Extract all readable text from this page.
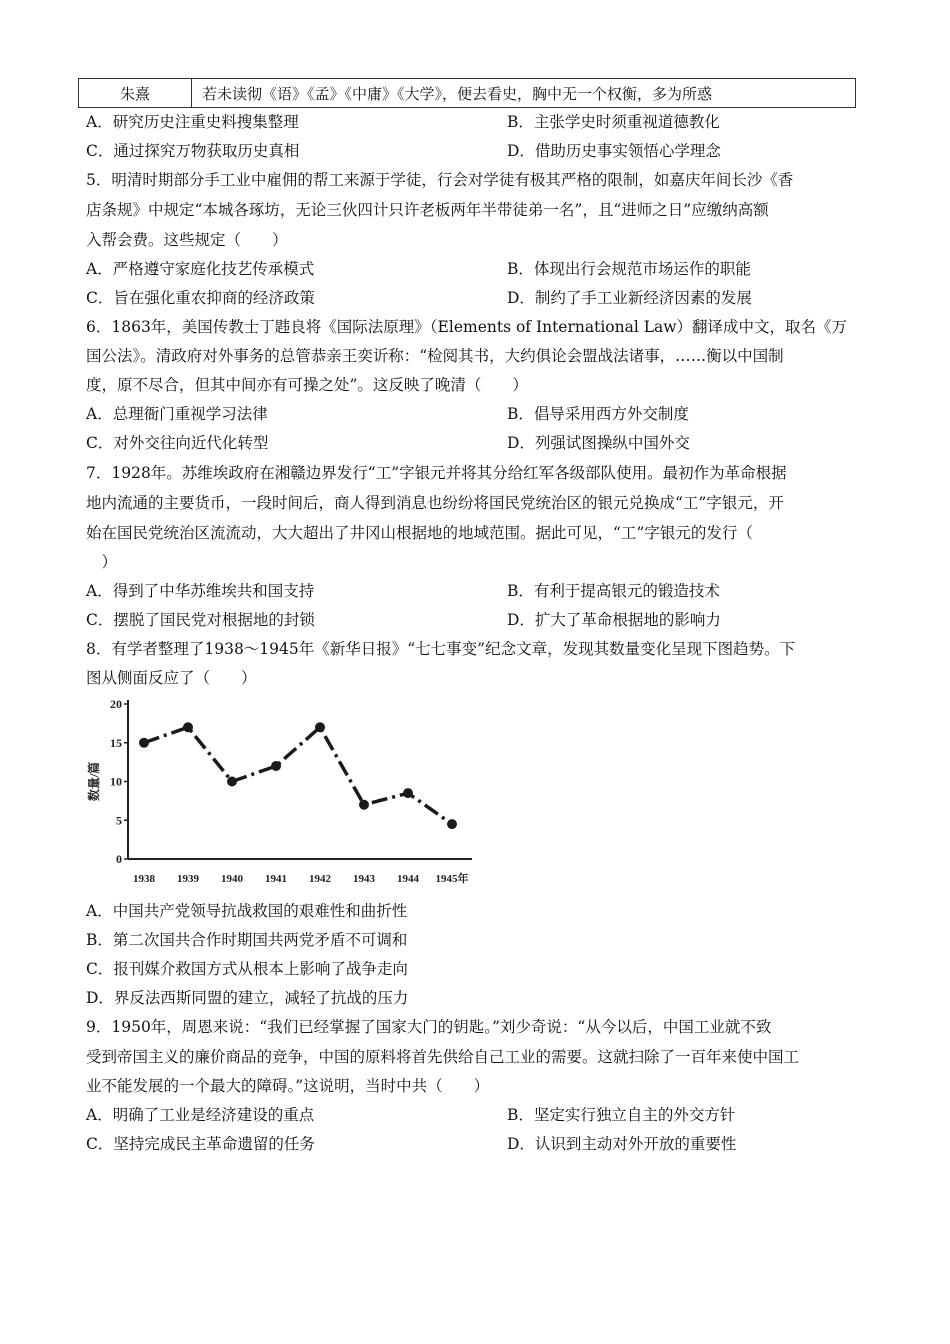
朱熹	若未读彻《语》《孟》《中庸》《大学》，便去看史，胸中无一个权衡，多为所惑
A．研究历史注重史料搜集整理	B．主张学史时须重视道德教化
C．通过探究万物获取历史真相	D．借助历史事实领悟心学理念
5．明清时期部分手工业中雇佣的帮工来源于学徒，行会对学徒有极其严格的限制，如嘉庆年间长沙《香
店条规》中规定“本城各琢坊，无论三伙四计只许老板两年半带徒弟一名”，且“进师之日”应缴纳高额
入帮会费。这些规定（　　）
A．严格遵守家庭化技艺传承模式	B．体现出行会规范市场运作的职能
C．旨在强化重农抑商的经济政策	D．制约了手工业新经济因素的发展
6．1863年，美国传教士丁韪良将《国际法原理》（Elements of International Law）翻译成中文，取名《万
国公法》。清政府对外事务的总管恭亲王奕䜣称：“检阅其书，大约俱论会盟战法诸事，……衡以中国制
度，原不尽合，但其中间亦有可操之处”。这反映了晚清（　　）
A．总理衙门重视学习法律	B．倡导采用西方外交制度
C．对外交往向近代化转型	D．列强试图操纵中国外交
7．1928年。苏维埃政府在湘赣边界发行“工”字银元并将其分给红军各级部队使用。最初作为革命根据
地内流通的主要货币，一段时间后，商人得到消息也纷纷将国民党统治区的银元兑换成“工”字银元，开
始在国民党统治区流流动，大大超出了井冈山根据地的地域范围。据此可见，“工”字银元的发行（
　）
A．得到了中华苏维埃共和国支持	B．有利于提高银元的锻造技术
C．摆脱了国民党对根据地的封锁	D．扩大了革命根据地的影响力
8．有学者整理了1938～1945年《新华日报》“七七事变”纪念文章，发现其数量变化呈现下图趋势。下
图从侧面反应了（　　）
数量/篇
0
5
10
15
20
1938 1939 1940 1941 1942 1943 1944 1945年
A．中国共产党领导抗战救国的艰难性和曲折性
B．第二次国共合作时期国共两党矛盾不可调和
C．报刊媒介救国方式从根本上影响了战争走向
D．界反法西斯同盟的建立，减轻了抗战的压力
9．1950年，周恩来说：“我们已经掌握了国家大门的钥匙。”刘少奇说：“从今以后，中国工业就不致
受到帝国主义的廉价商品的竞争，中国的原料将首先供给自己工业的需要。这就扫除了一百年来使中国工
业不能发展的一个最大的障碍。”这说明，当时中共（　　）
A．明确了工业是经济建设的重点	B．坚定实行独立自主的外交方针
C．坚持完成民主革命遗留的任务	D．认识到主动对外开放的重要性
